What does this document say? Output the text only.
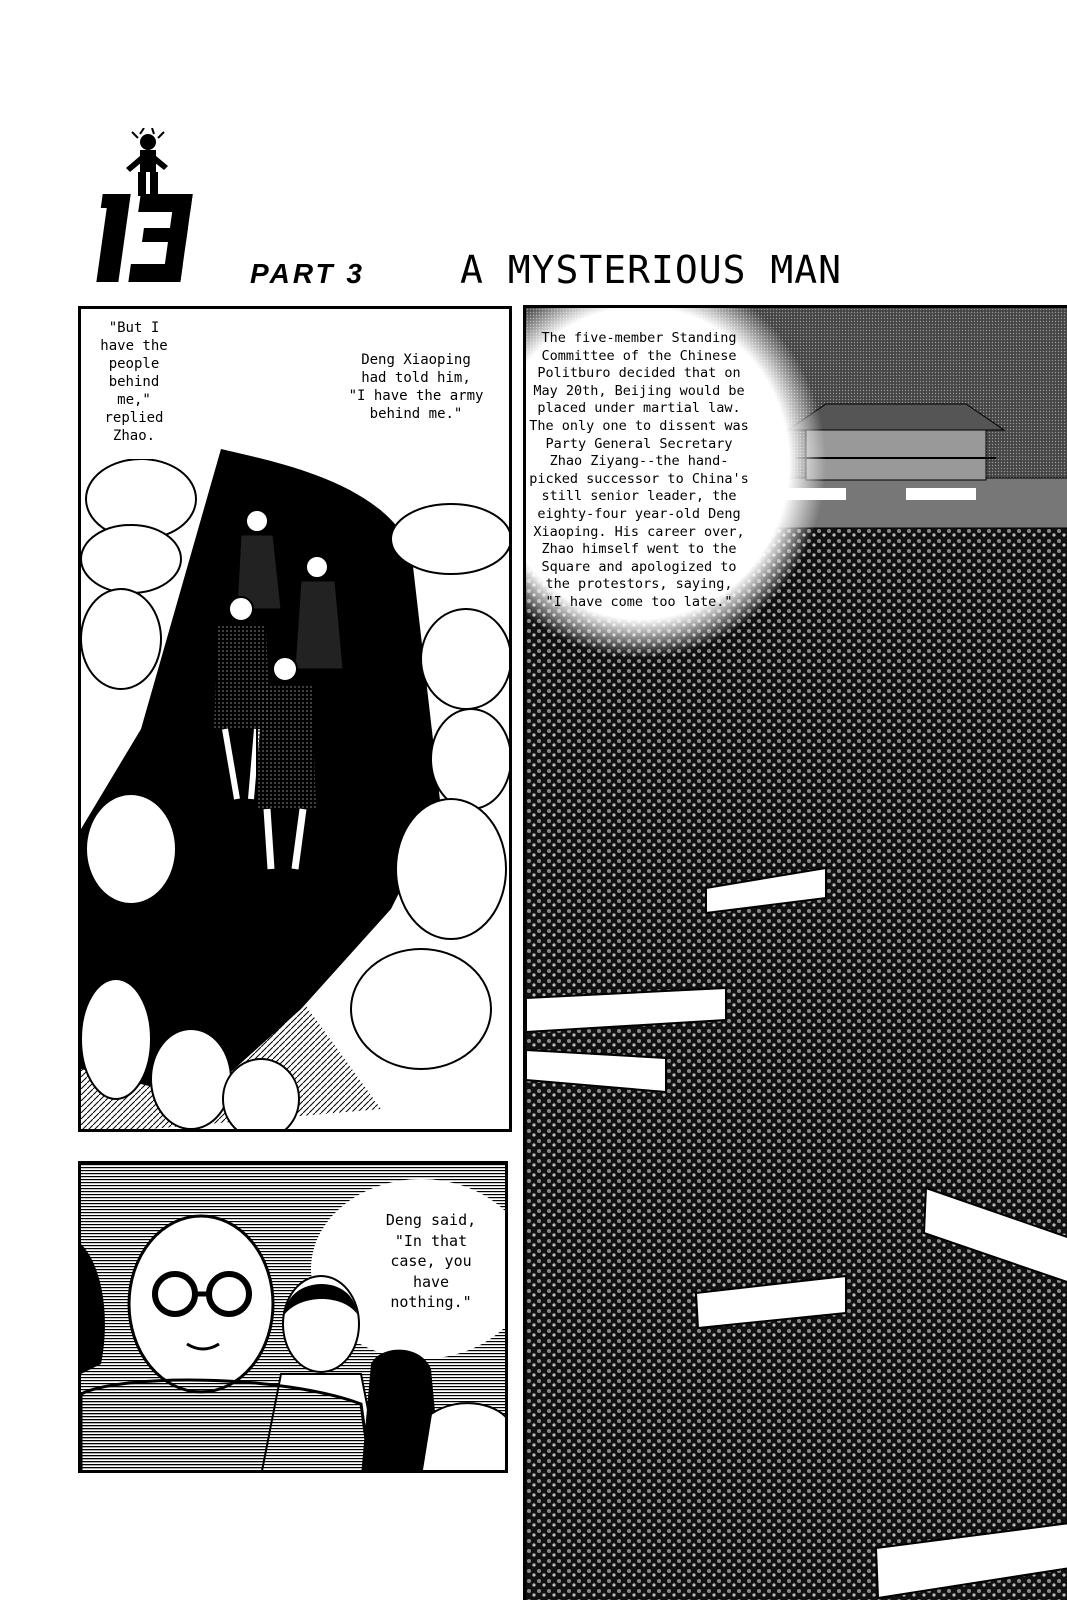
PART 3	A MYSTERIOUS MAN
"But I
have the
people
behind
me,"
replied
Zhao.
Deng Xiaoping
had told him,
"I have the army
behind me."
Deng said,
"In that
case, you
have
nothing."
The five-member Standing
Committee of the Chinese
Politburo decided that on
May 20th, Beijing would be
placed under martial law.
The only one to dissent was
Party General Secretary
Zhao Ziyang--the hand-
picked successor to China's
still senior leader, the
eighty-four year-old Deng
Xiaoping. His career over,
Zhao himself went to the
Square and apologized to
the protestors, saying,
"I have come too late."
